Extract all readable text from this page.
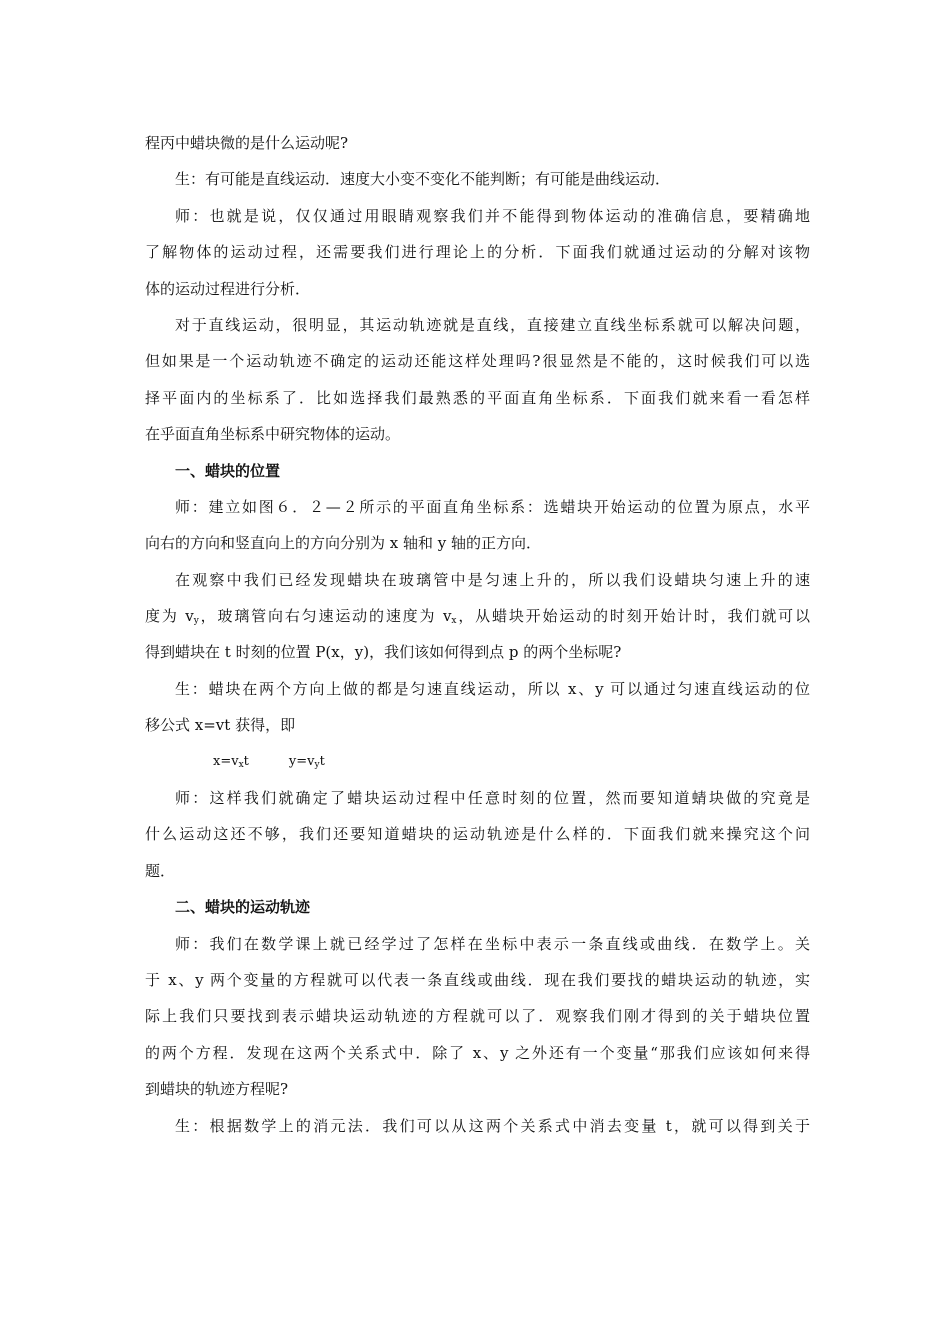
程丙中蜡块微的是什么运动呢?
生：有可能是直线运动．速度大小变不变化不能判断；有可能是曲线运动．
师：也就是说，仅仅通过用眼睛观察我们并不能得到物体运动的准确信息，要精确地
了解物体的运动过程，还需要我们进行理论上的分析．下面我们就通过运动的分解对该物
体的运动过程进行分析．
对于直线运动，很明显，其运动轨迹就是直线，直接建立直线坐标系就可以解决问题，
但如果是一个运动轨迹不确定的运动还能这样处理吗?很显然是不能的，这时候我们可以选
择平面内的坐标系了．比如选择我们最熟悉的平面直角坐标系．下面我们就来看一看怎样
在乎面直角坐标系中研究物体的运动。
一、蜡块的位置
师：建立如图６．２—２所示的平面直角坐标系：选蜡块开始运动的位置为原点，水平
向右的方向和竖直向上的方向分别为 x 轴和 y 轴的正方向．
在观察中我们已经发现蜡块在玻璃管中是匀速上升的，所以我们设蜡块匀速上升的速
度为 $v_y$，玻璃管向右匀速运动的速度为 $v_x$，从蜡块开始运动的时刻开始计时，我们就可以
得到蜡块在 t 时刻的位置 P(x，y)，我们该如何得到点 p 的两个坐标呢?
生：蜡块在两个方向上做的都是匀速直线运动，所以 x、y 可以通过匀速直线运动的位
移公式 x=vt 获得，即
$x=v_xt$	$y=v_yt$
师：这样我们就确定了蜡块运动过程中任意时刻的位置，然而要知道蜻块做的究竟是
什么运动这还不够，我们还要知道蜡块的运动轨迹是什么样的．下面我们就来操究这个问
题．
二、蜡块的运动轨迹
师：我们在数学课上就已经学过了怎样在坐标中表示一条直线或曲线．在数学上。关
于 x、y 两个变量的方程就可以代表一条直线或曲线．现在我们要找的蜡块运动的轨迹，实
际上我们只要找到表示蜡块运动轨迹的方程就可以了．观察我们刚才得到的关于蜡块位置
的两个方程．发现在这两个关系式中．除了 x、y 之外还有一个变量“那我们应该如何来得
到蜡块的轨迹方程呢?
生：根据数学上的消元法．我们可以从这两个关系式中消去变量 t，就可以得到关于
